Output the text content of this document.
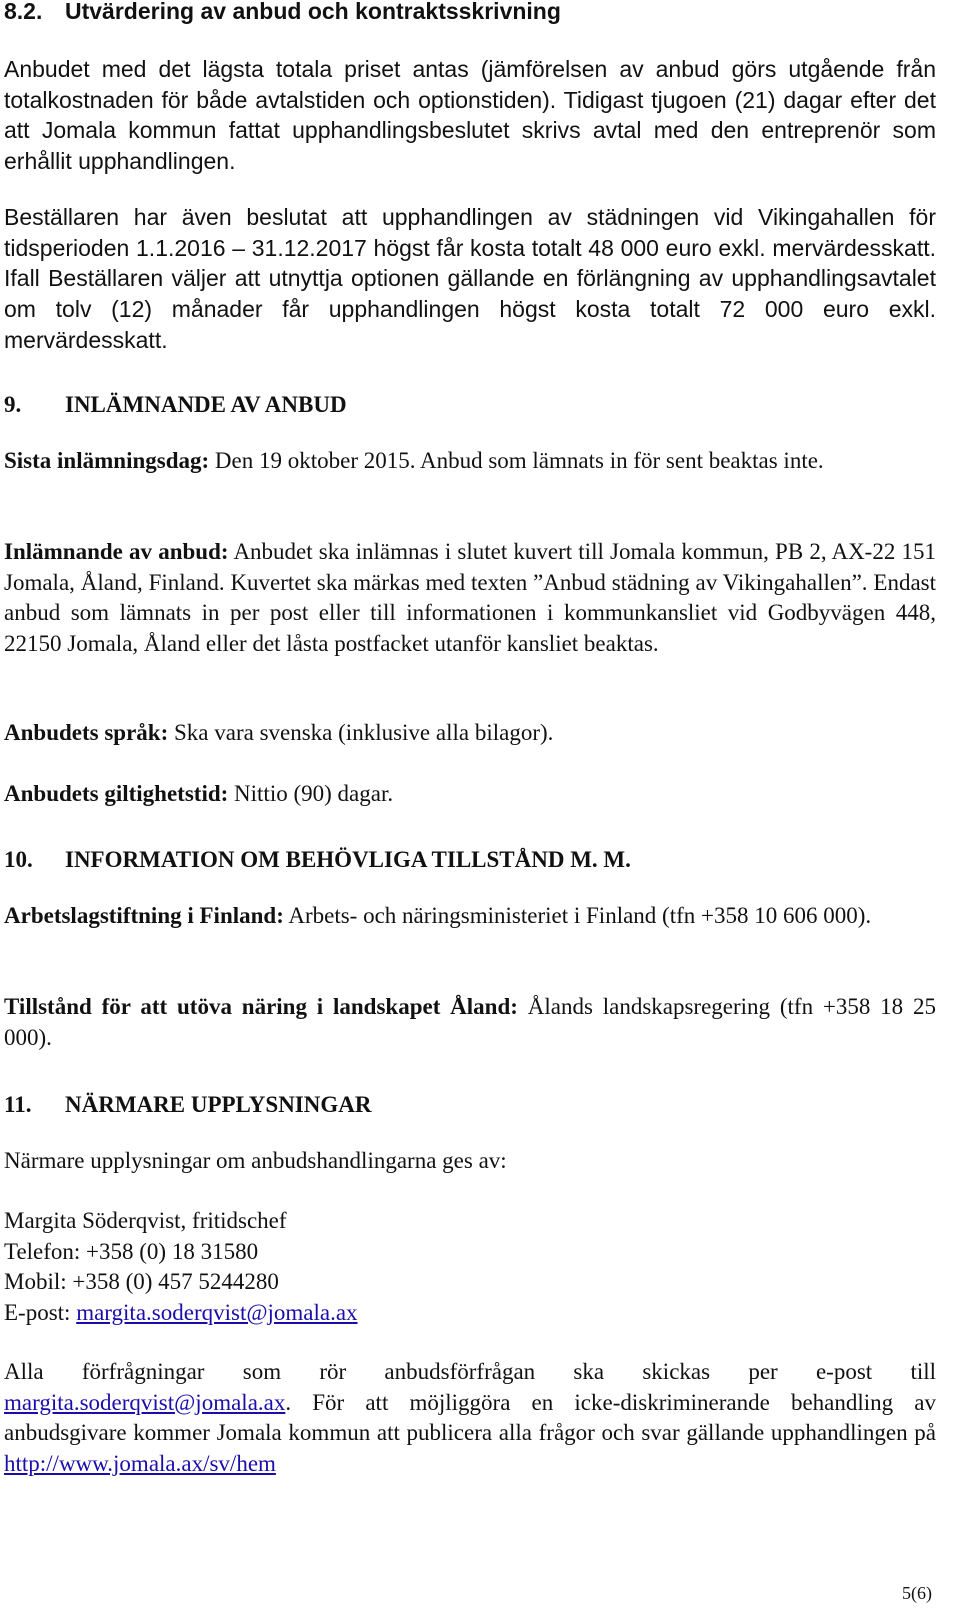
8.2. Utvärdering av anbud och kontraktsskrivning
Anbudet med det lägsta totala priset antas (jämförelsen av anbud görs utgående från totalkostnaden för både avtalstiden och optionstiden). Tidigast tjugoen (21) dagar efter det att Jomala kommun fattat upphandlingsbeslutet skrivs avtal med den entreprenör som erhållit upphandlingen.
Beställaren har även beslutat att upphandlingen av städningen vid Vikingahallen för tidsperioden 1.1.2016 – 31.12.2017 högst får kosta totalt 48 000 euro exkl. mervärdesskatt. Ifall Beställaren väljer att utnyttja optionen gällande en förlängning av upphandlingsavtalet om tolv (12) månader får upphandlingen högst kosta totalt 72 000 euro exkl. mervärdesskatt.
9. INLÄMNANDE AV ANBUD
Sista inlämningsdag: Den 19 oktober 2015. Anbud som lämnats in för sent beaktas inte.
Inlämnande av anbud: Anbudet ska inlämnas i slutet kuvert till Jomala kommun, PB 2, AX-22 151 Jomala, Åland, Finland. Kuvertet ska märkas med texten ”Anbud städning av Vikingahallen”. Endast anbud som lämnats in per post eller till informationen i kommunkansliet vid Godbyvägen 448, 22150 Jomala, Åland eller det låsta postfacket utanför kansliet beaktas.
Anbudets språk: Ska vara svenska (inklusive alla bilagor).
Anbudets giltighetstid: Nittio (90) dagar.
10. INFORMATION OM BEHÖVLIGA TILLSTÅND M. M.
Arbetslagstiftning i Finland: Arbets- och näringsministeriet i Finland (tfn +358 10 606 000).
Tillstånd för att utöva näring i landskapet Åland: Ålands landskapsregering (tfn +358 18 25 000).
11. NÄRMARE UPPLYSNINGAR
Närmare upplysningar om anbudshandlingarna ges av:
Margita Söderqvist, fritidschef
Telefon: +358 (0) 18 31580
Mobil: +358 (0) 457 5244280
E-post: margita.soderqvist@jomala.ax
Alla förfrågningar som rör anbudsförfrågan ska skickas per e-post till margita.soderqvist@jomala.ax. För att möjliggöra en icke-diskriminerande behandling av anbudsgivare kommer Jomala kommun att publicera alla frågor och svar gällande upphandlingen på http://www.jomala.ax/sv/hem
5(6)
